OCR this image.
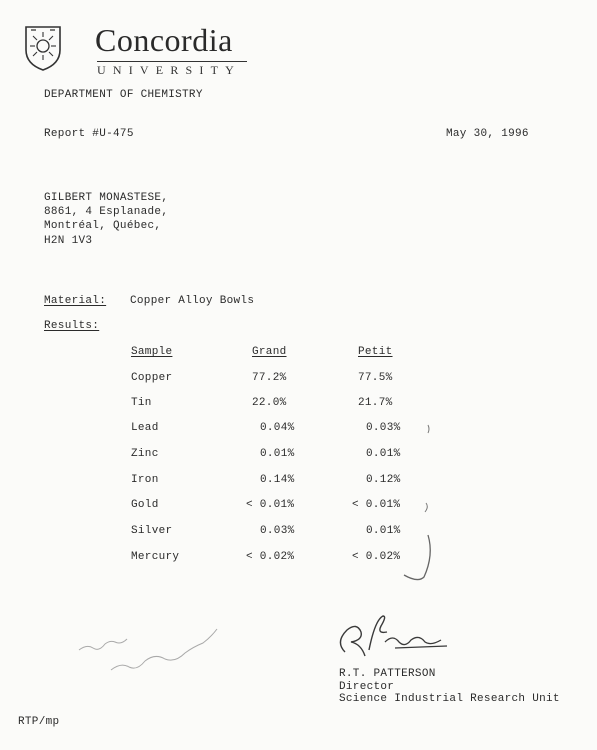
Concordia
UNIVERSITY
DEPARTMENT OF CHEMISTRY
Report #U-475	May 30, 1996
GILBERT MONASTESE,
8861, 4 Esplanade,
Montréal, Québec,
H2N 1V3
Material: Copper Alloy Bowls
Results:
Sample	Grand	Petit
Copper	77.2%	77.5%
Tin	22.0%	21.7%
Lead	0.04%	0.03%
Zinc	0.01%	0.01%
Iron	0.14%	0.12%
Gold	< 0.01%	< 0.01%
Silver	0.03%	0.01%
Mercury	< 0.02%	< 0.02%
R.T. PATTERSON
Director
Science Industrial Research Unit
RTP/mp
